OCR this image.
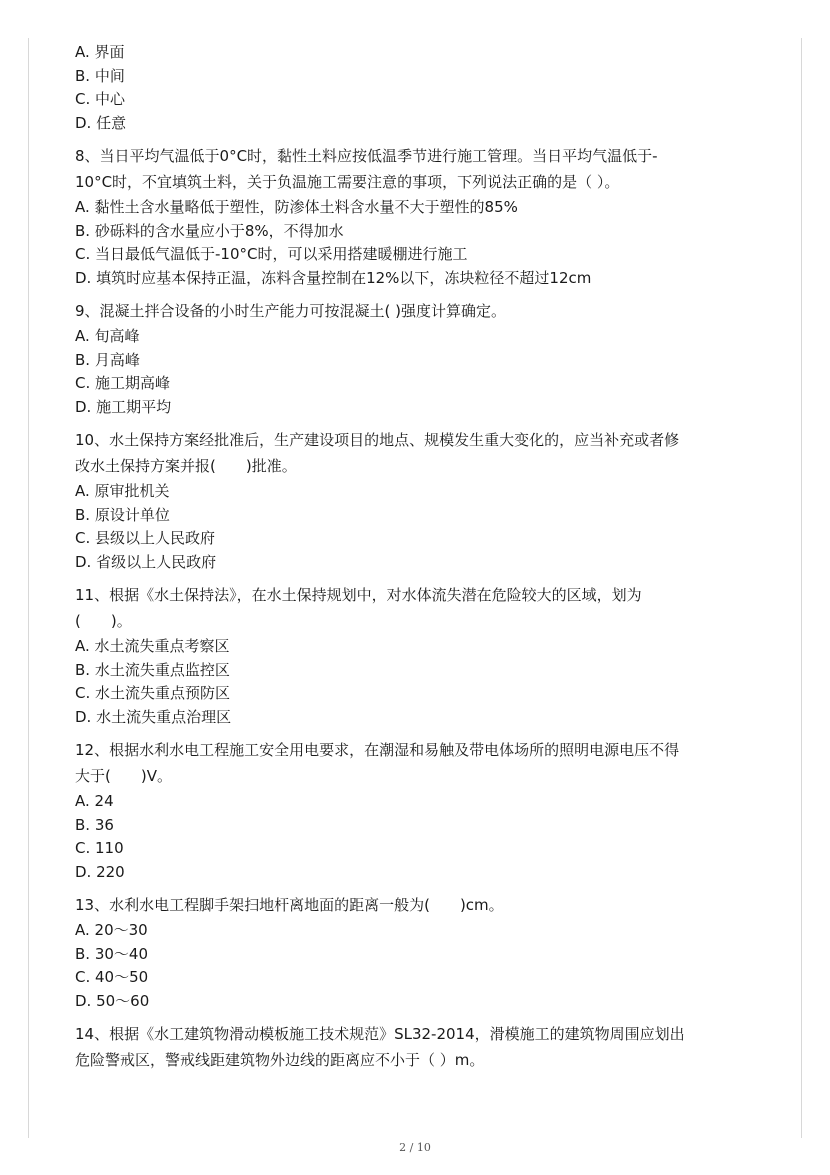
A. 界面
B. 中间
C. 中心
D. 任意
8、当日平均气温低于0°C时，黏性土料应按低温季节进行施工管理。当日平均气温低于-
10°C时，不宜填筑土料，关于负温施工需要注意的事项，下列说法正确的是（ ）。
A. 黏性土含水量略低于塑性，防渗体土料含水量不大于塑性的85%
B. 砂砾料的含水量应小于8%，不得加水
C. 当日最低气温低于-10°C时，可以采用搭建暖棚进行施工
D. 填筑时应基本保持正温，冻料含量控制在12%以下，冻块粒径不超过12cm
9、混凝土拌合设备的小时生产能力可按混凝土( )强度计算确定。
A. 旬高峰
B. 月高峰
C. 施工期高峰
D. 施工期平均
10、水土保持方案经批准后，生产建设项目的地点、规模发生重大变化的，应当补充或者修
改水土保持方案并报(　　)批准。
A. 原审批机关
B. 原设计单位
C. 县级以上人民政府
D. 省级以上人民政府
11、根据《水土保持法》，在水土保持规划中，对水体流失潜在危险较大的区域，划为
(　　)。
A. 水土流失重点考察区
B. 水土流失重点监控区
C. 水土流失重点预防区
D. 水土流失重点治理区
12、根据水利水电工程施工安全用电要求，在潮湿和易触及带电体场所的照明电源电压不得
大于(　　)V。
A. 24
B. 36
C. 110
D. 220
13、水利水电工程脚手架扫地杆离地面的距离一般为(　　)cm。
A. 20～30
B. 30～40
C. 40～50
D. 50～60
14、根据《水工建筑物滑动模板施工技术规范》SL32-2014，滑模施工的建筑物周围应划出
危险警戒区，警戒线距建筑物外边线的距离应不小于（ ）m。
2 / 10
